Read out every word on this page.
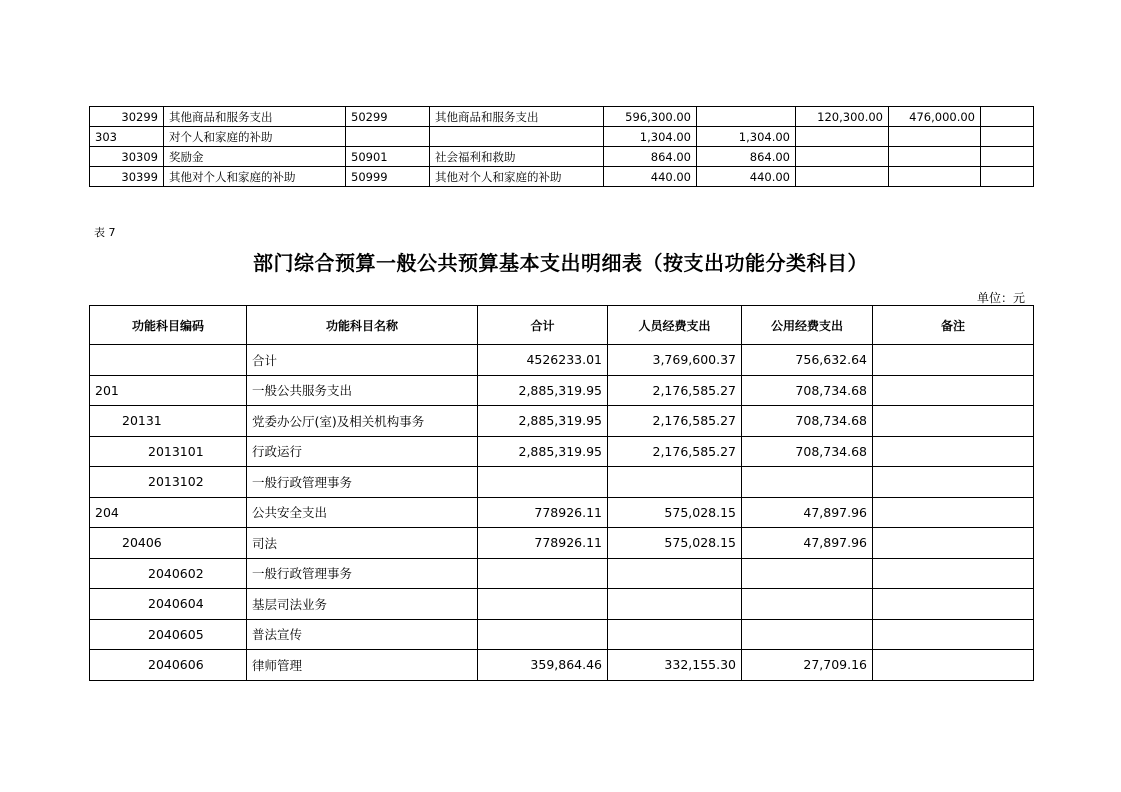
30299	其他商品和服务支出	50299	其他商品和服务支出	596,300.00		120,300.00	476,000.00	
303	对个人和家庭的补助			1,304.00	1,304.00			
30309	奖励金	50901	社会福利和救助	864.00	864.00			
30399	其他对个人和家庭的补助	50999	其他对个人和家庭的补助	440.00	440.00			
表 7
部门综合预算一般公共预算基本支出明细表（按支出功能分类科目）
单位：元
功能科目编码	功能科目名称	合计	人员经费支出	公用经费支出	备注
	合计	4526233.01	3,769,600.37	756,632.64	
201	一般公共服务支出	2,885,319.95	2,176,585.27	708,734.68	
20131	党委办公厅(室)及相关机构事务	2,885,319.95	2,176,585.27	708,734.68	
2013101	行政运行	2,885,319.95	2,176,585.27	708,734.68	
2013102	一般行政管理事务				
204	公共安全支出	778926.11	575,028.15	47,897.96	
20406	司法	778926.11	575,028.15	47,897.96	
2040602	一般行政管理事务				
2040604	基层司法业务				
2040605	普法宣传				
2040606	律师管理	359,864.46	332,155.30	27,709.16	
